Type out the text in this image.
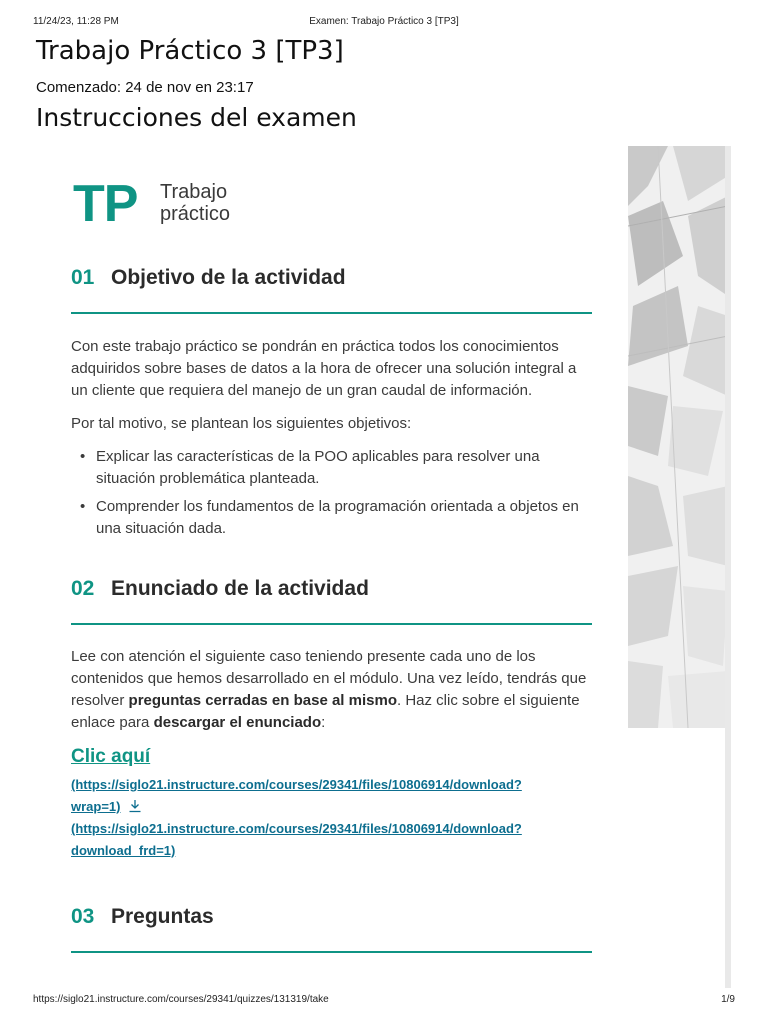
11/24/23, 11:28 PM	Examen: Trabajo Práctico 3 [TP3]
Trabajo Práctico 3 [TP3]

Comenzado: 24 de nov en 23:17

Instrucciones del examen
TP Trabajo
práctico
01 Objetivo de la actividad

Con este trabajo práctico se pondrán en práctica todos los conocimientos adquiridos sobre bases de datos a la hora de ofrecer una solución integral a un cliente que requiera del manejo de un gran caudal de información.

Por tal motivo, se plantean los siguientes objetivos:

• Explicar las características de la POO aplicables para resolver una situación problemática planteada.
• Comprender los fundamentos de la programación orientada a objetos en una situación dada.
02 Enunciado de la actividad

Lee con atención el siguiente caso teniendo presente cada uno de los contenidos que hemos desarrollado en el módulo. Una vez leído, tendrás que resolver preguntas cerradas en base al mismo. Haz clic sobre el siguiente enlace para descargar el enunciado:

Clic aquí
(https://siglo21.instructure.com/courses/29341/files/10806914/download?
wrap=1)
(https://siglo21.instructure.com/courses/29341/files/10806914/download?
download_frd=1)
03 Preguntas
https://siglo21.instructure.com/courses/29341/quizzes/131319/take	1/9
